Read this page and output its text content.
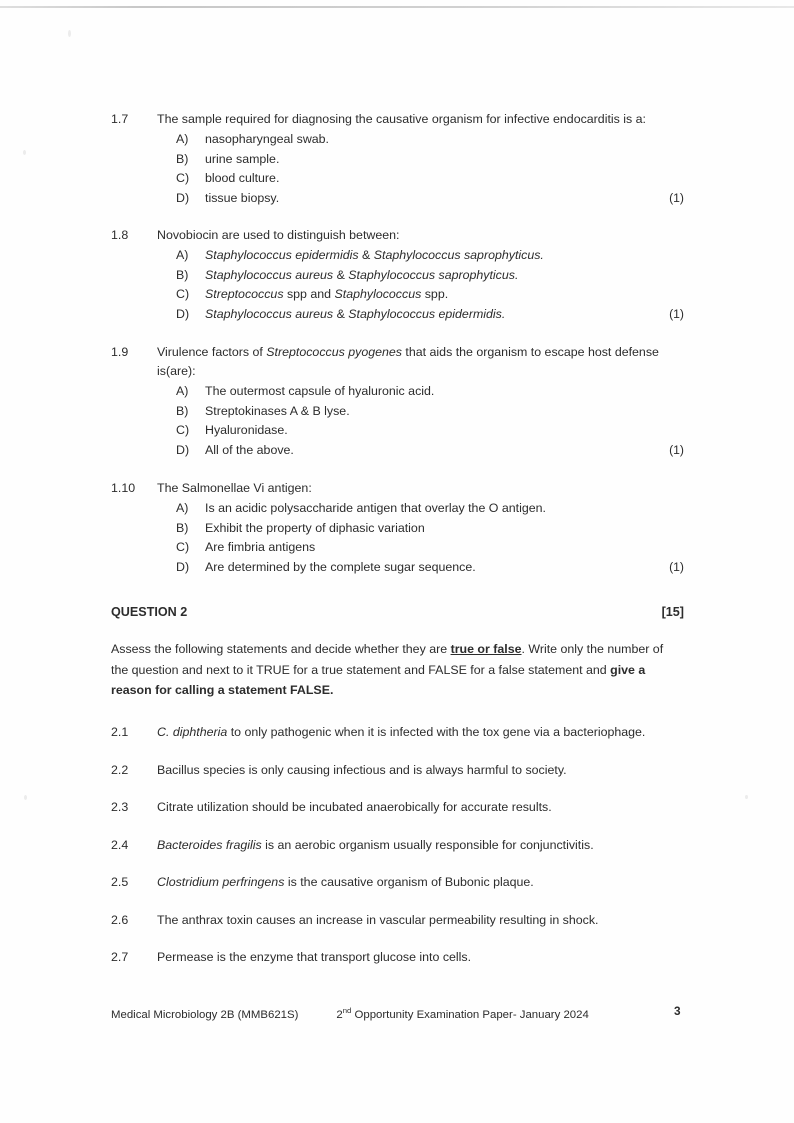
1.7	The sample required for diagnosing the causative organism for infective endocarditis is a:
A)	nasopharyngeal swab.
B)	urine sample.
C)	blood culture.
D)	tissue biopsy.	(1)
1.8	Novobiocin are used to distinguish between:
A)	Staphylococcus epidermidis & Staphylococcus saprophyticus.
B)	Staphylococcus aureus & Staphylococcus saprophyticus.
C)	Streptococcus spp and Staphylococcus spp.
D)	Staphylococcus aureus & Staphylococcus epidermidis.	(1)
1.9	Virulence factors of Streptococcus pyogenes that aids the organism to escape host defense is(are):
A)	The outermost capsule of hyaluronic acid.
B)	Streptokinases A & B lyse.
C)	Hyaluronidase.
D)	All of the above.	(1)
1.10	The Salmonellae Vi antigen:
A)	Is an acidic polysaccharide antigen that overlay the O antigen.
B)	Exhibit the property of diphasic variation
C)	Are fimbria antigens
D)	Are determined by the complete sugar sequence.	(1)
QUESTION 2	[15]
Assess the following statements and decide whether they are true or false. Write only the number of the question and next to it TRUE for a true statement and FALSE for a false statement and give a reason for calling a statement FALSE.
2.1	C. diphtheria to only pathogenic when it is infected with the tox gene via a bacteriophage.
2.2	Bacillus species is only causing infectious and is always harmful to society.
2.3	Citrate utilization should be incubated anaerobically for accurate results.
2.4	Bacteroides fragilis is an aerobic organism usually responsible for conjunctivitis.
2.5	Clostridium perfringens is the causative organism of Bubonic plaque.
2.6	The anthrax toxin causes an increase in vascular permeability resulting in shock.
2.7	Permease is the enzyme that transport glucose into cells.
Medical Microbiology 2B (MMB621S)	2nd Opportunity Examination Paper- January 2024	3
